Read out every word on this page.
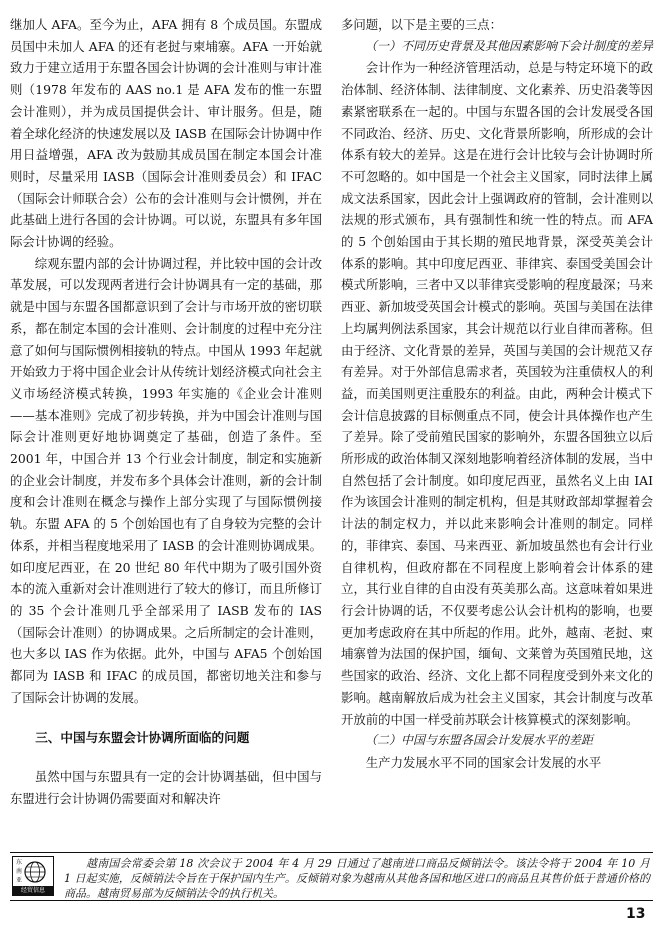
继加人 AFA。至今为止，AFA 拥有 8 个成员国。东盟成员国中未加人 AFA 的还有老挝与柬埔寨。AFA 一开始就致力于建立适用于东盟各国会计协调的会计准则与审计准则（1978 年发布的 AAS no.1 是 AFA 发布的惟一东盟会计准则），并为成员国提供会计、审计服务。但是，随着全球化经济的快速发展以及 IASB 在国际会计协调中作用日益增强，AFA 改为鼓励其成员国在制定本国会计准则时，尽量采用 IASB（国际会计准则委员会）和 IFAC（国际会计师联合会）公布的会计准则与会计惯例，并在此基础上进行各国的会计协调。可以说，东盟具有多年国际会计协调的经验。

综观东盟内部的会计协调过程，并比较中国的会计改革发展，可以发现两者进行会计协调具有一定的基础，那就是中国与东盟各国都意识到了会计与市场开放的密切联系，都在制定本国的会计准则、会计制度的过程中充分注意了如何与国际惯例相接轨的特点。中国从 1993 年起就开始致力于将中国企业会计从传统计划经济模式向社会主义市场经济模式转换，1993 年实施的《企业会计准则——基本准则》完成了初步转换，并为中国会计准则与国际会计准则更好地协调奠定了基础，创造了条件。至 2001 年，中国合并 13 个行业会计制度，制定和实施新的企业会计制度，并发布多个具体会计准则，新的会计制度和会计准则在概念与操作上部分实现了与国际惯例接轨。东盟 AFA 的 5 个创始国也有了自身较为完整的会计体系，并相当程度地采用了 IASB 的会计准则协调成果。如印度尼西亚，在 20 世纪 80 年代中期为了吸引国外资本的流入重新对会计准则进行了较大的修订，而且所修订的 35 个会计准则几乎全部采用了 IASB 发布的 IAS（国际会计准则）的协调成果。之后所制定的会计准则，也大多以 IAS 作为依据。此外，中国与 AFA5 个创始国都同为 IASB 和 IFAC 的成员国，都密切地关注和参与了国际会计协调的发展。

三、中国与东盟会计协调所面临的问题

虽然中国与东盟具有一定的会计协调基础，但中国与东盟进行会计协调仍需要面对和解决许

多问题，以下是主要的三点：

（一）不同历史背景及其他因素影响下会计制度的差异

会计作为一种经济管理活动，总是与特定环境下的政治体制、经济体制、法律制度、文化素养、历史沿袭等因素紧密联系在一起的。中国与东盟各国的会计发展受各国不同政治、经济、历史、文化背景所影响，所形成的会计体系有较大的差异。这是在进行会计比较与会计协调时所不可忽略的。如中国是一个社会主义国家，同时法律上属成文法系国家，因此会计上强调政府的管制，会计准则以法规的形式颁布，具有强制性和统一性的特点。而 AFA 的 5 个创始国由于其长期的殖民地背景，深受英美会计体系的影响。其中印度尼西亚、菲律宾、泰国受美国会计模式所影响，三者中又以菲律宾受影响的程度最深；马来西亚、新加坡受英国会计模式的影响。英国与美国在法律上均属判例法系国家，其会计规范以行业自律而著称。但由于经济、文化背景的差异，英国与美国的会计规范又存有差异。对于外部信息需求者，英国较为注重债权人的利益，而美国则更注重股东的利益。由此，两种会计模式下会计信息披露的目标侧重点不同，使会计具体操作也产生了差异。除了受前殖民国家的影响外，东盟各国独立以后所形成的政治体制又深刻地影响着经济体制的发展，当中自然包括了会计制度。如印度尼西亚，虽然名义上由 IAI 作为该国会计准则的制定机构，但是其财政部却掌握着会计法的制定权力，并以此来影响会计准则的制定。同样的，菲律宾、泰国、马来西亚、新加坡虽然也有会计行业自律机构，但政府都在不同程度上影响着会计体系的建立，其行业自律的自由没有英美那么高。这意味着如果进行会计协调的话，不仅要考虑公认会计机构的影响，也要更加考虑政府在其中所起的作用。此外，越南、老挝、柬埔寨曾为法国的保护国，缅甸、文莱曾为英国殖民地，这些国家的政治、经济、文化上都不同程度受到外来文化的影响。越南解放后成为社会主义国家，其会计制度与改革开放前的中国一样受前苏联会计核算模式的深刻影响。

（二）中国与东盟各国会计发展水平的差距

生产力发展水平不同的国家会计发展的水平

东
南
亚
经贸信息
越南国会常委会第 18 次会议于 2004 年 4 月 29 日通过了越南进口商品反倾销法令。该法令将于 2004 年 10 月 1 日起实施，反倾销法令旨在于保护国内生产。反倾销对象为越南从其他各国和地区进口的商品且其售价低于普通价格的商品。越南贸易部为反倾销法令的执行机关。
13
